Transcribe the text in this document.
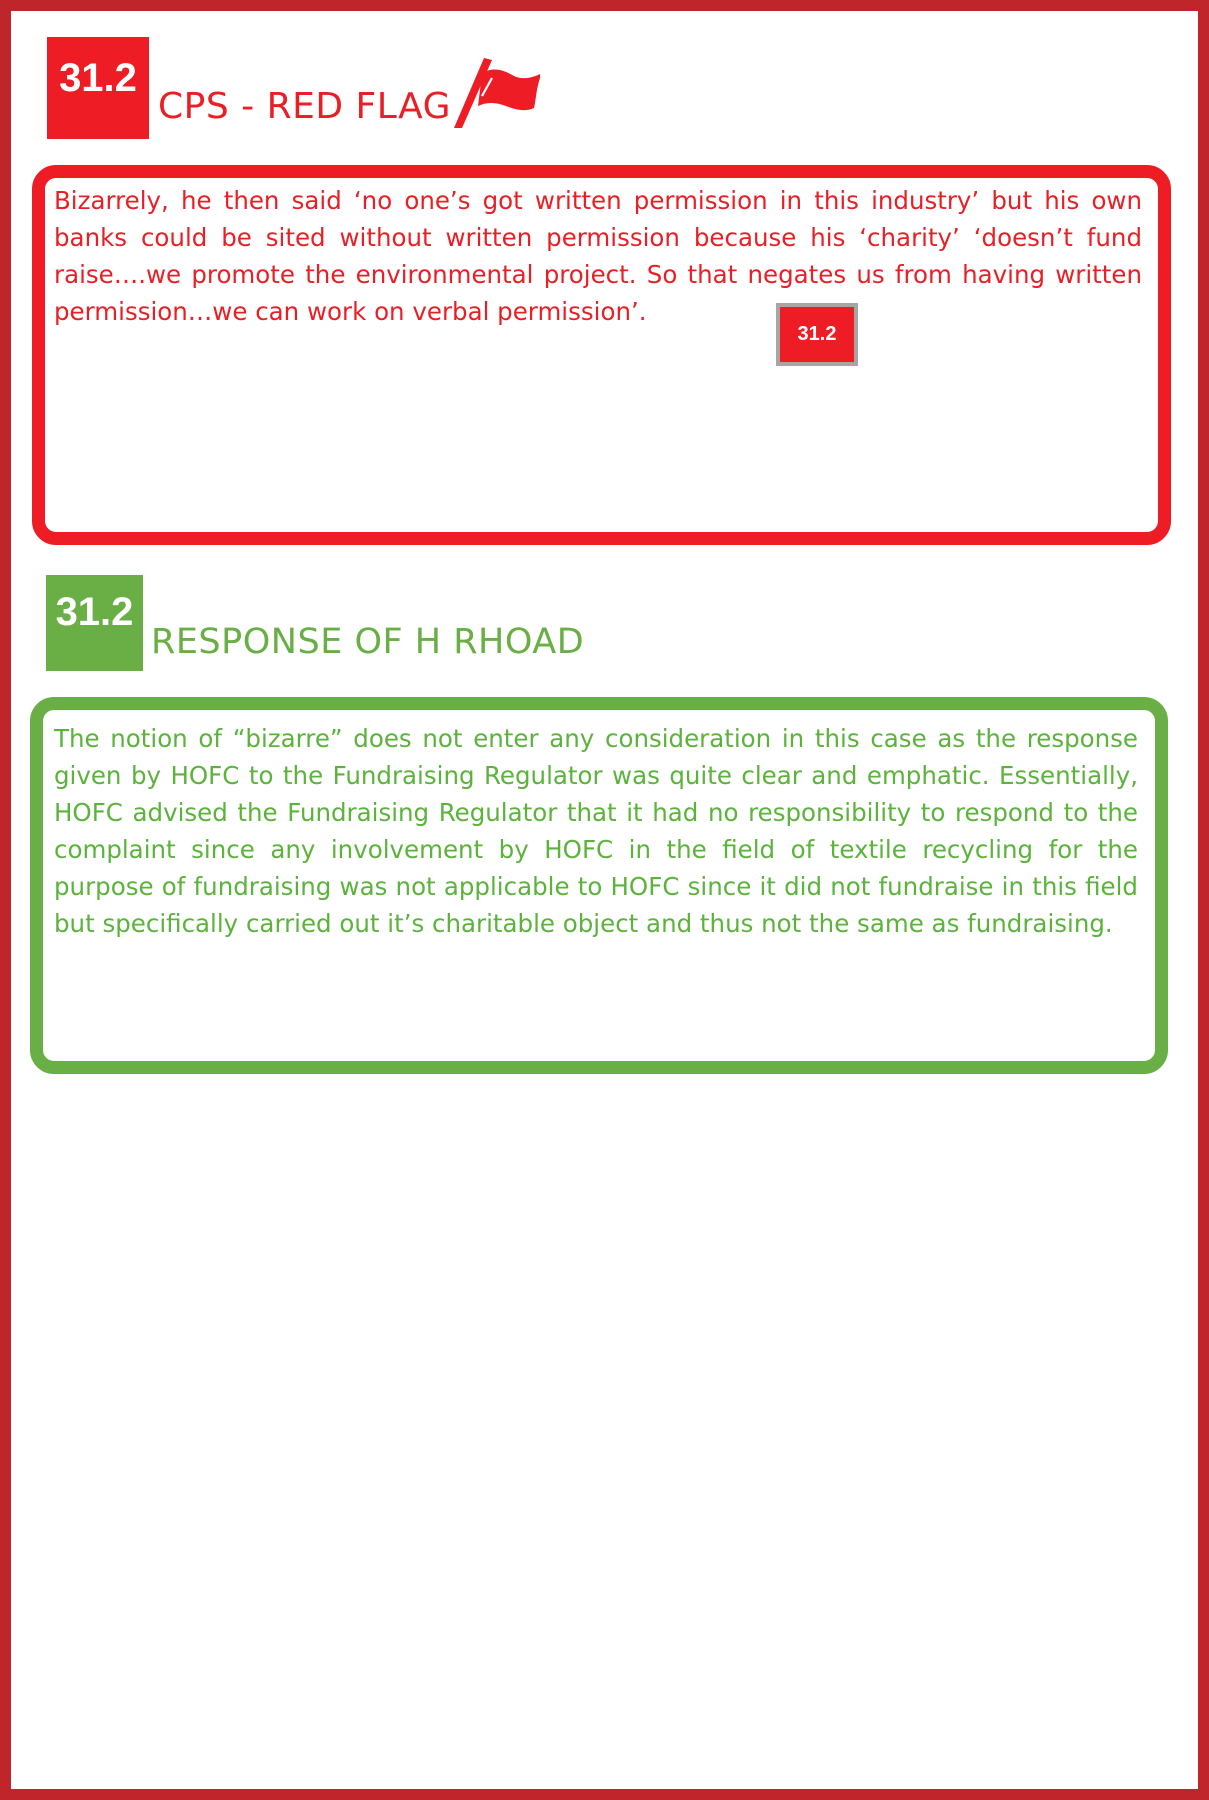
31.2
CPS - RED FLAG

Bizarrely, he then said ‘no one’s got written permission in this industry’ but his own banks could be sited without written permission because his ‘charity’ ‘doesn’t fund raise….we promote the environmental project. So that negates us from having written permission…we can work on verbal permission’.

31.2
31.2
RESPONSE OF H RHOAD

The notion of “bizarre” does not enter any consideration in this case as the response given by HOFC to the Fundraising Regulator was quite clear and emphatic. Essentially, HOFC advised the Fundraising Regulator that it had no responsibility to respond to the complaint since any involvement by HOFC in the field of textile recycling for the purpose of fundraising was not applicable to HOFC since it did not fundraise in this field but specifically carried out it’s charitable object and thus not the same as fundraising.
